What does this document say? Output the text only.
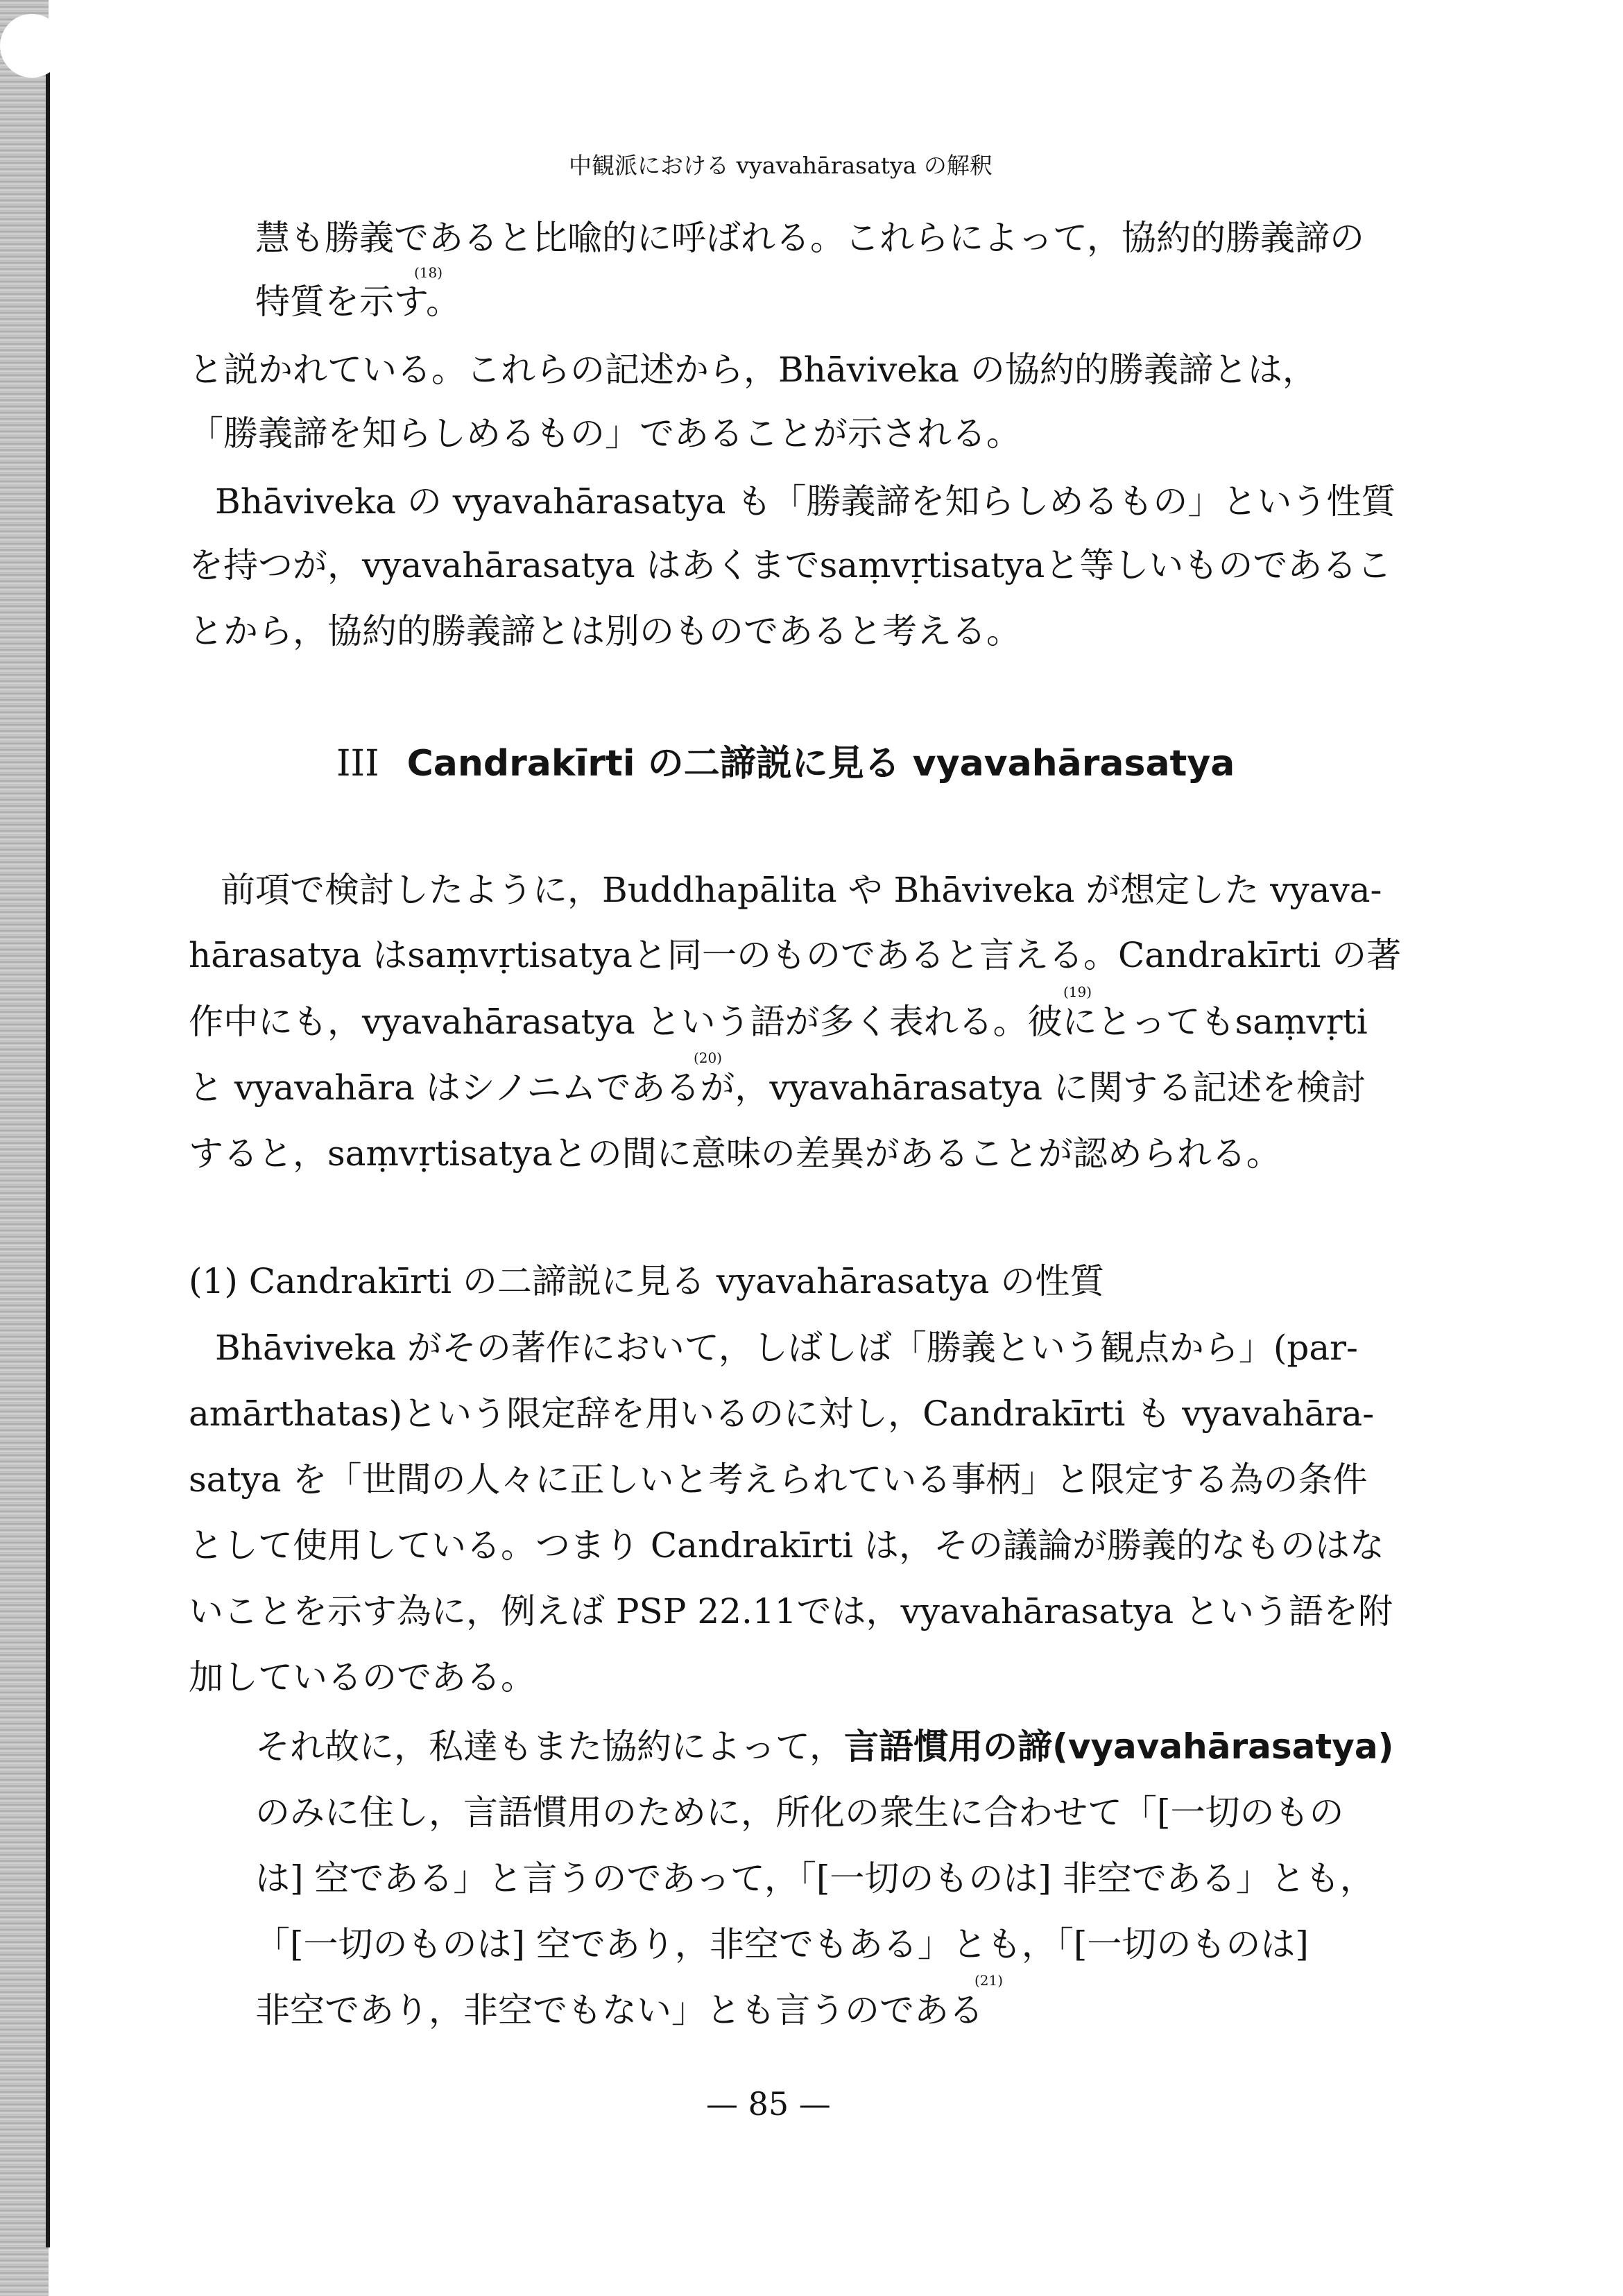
中観派における vyavahārasatya の解釈
慧も勝義であると比喩的に呼ばれる。これらによって，協約的勝義諦の
特質を示す。
(18)
と説かれている。これらの記述から，Bhāviveka の協約的勝義諦とは，
「勝義諦を知らしめるもの」であることが示される。
Bhāviveka の vyavahārasatya も「勝義諦を知らしめるもの」という性質
を持つが，vyavahārasatya はあくまでsaṃvṛtisatyaと等しいものであるこ
とから，協約的勝義諦とは別のものであると考える。
III Candrakīrti の二諦説に見る vyavahārasatya
前項で検討したように，Buddhapālita や Bhāviveka が想定した vyava-
hārasatya はsaṃvṛtisatyaと同一のものであると言える。Candrakīrti の著
作中にも，vyavahārasatya という語が多く表れる。彼にとってもsaṃvṛti
(19)
と vyavahāra はシノニムであるが，vyavahārasatya に関する記述を検討
(20)
すると，saṃvṛtisatyaとの間に意味の差異があることが認められる。
(1) Candrakīrti の二諦説に見る vyavahārasatya の性質
Bhāviveka がその著作において，しばしば「勝義という観点から」(par-
amārthatas)という限定辞を用いるのに対し，Candrakīrti も vyavahāra-
satya を「世間の人々に正しいと考えられている事柄」と限定する為の条件
として使用している。つまり Candrakīrti は，その議論が勝義的なものはな
いことを示す為に，例えば PSP 22.11では，vyavahārasatya という語を附
加しているのである。
それ故に，私達もまた協約によって，言語慣用の諦(vyavahārasatya)
のみに住し，言語慣用のために，所化の衆生に合わせて「[一切のもの
は] 空である」と言うのであって，「[一切のものは] 非空である」とも，
「[一切のものは] 空であり，非空でもある」とも，「[一切のものは]
非空であり，非空でもない」とも言うのである
(21)
— 85 —
